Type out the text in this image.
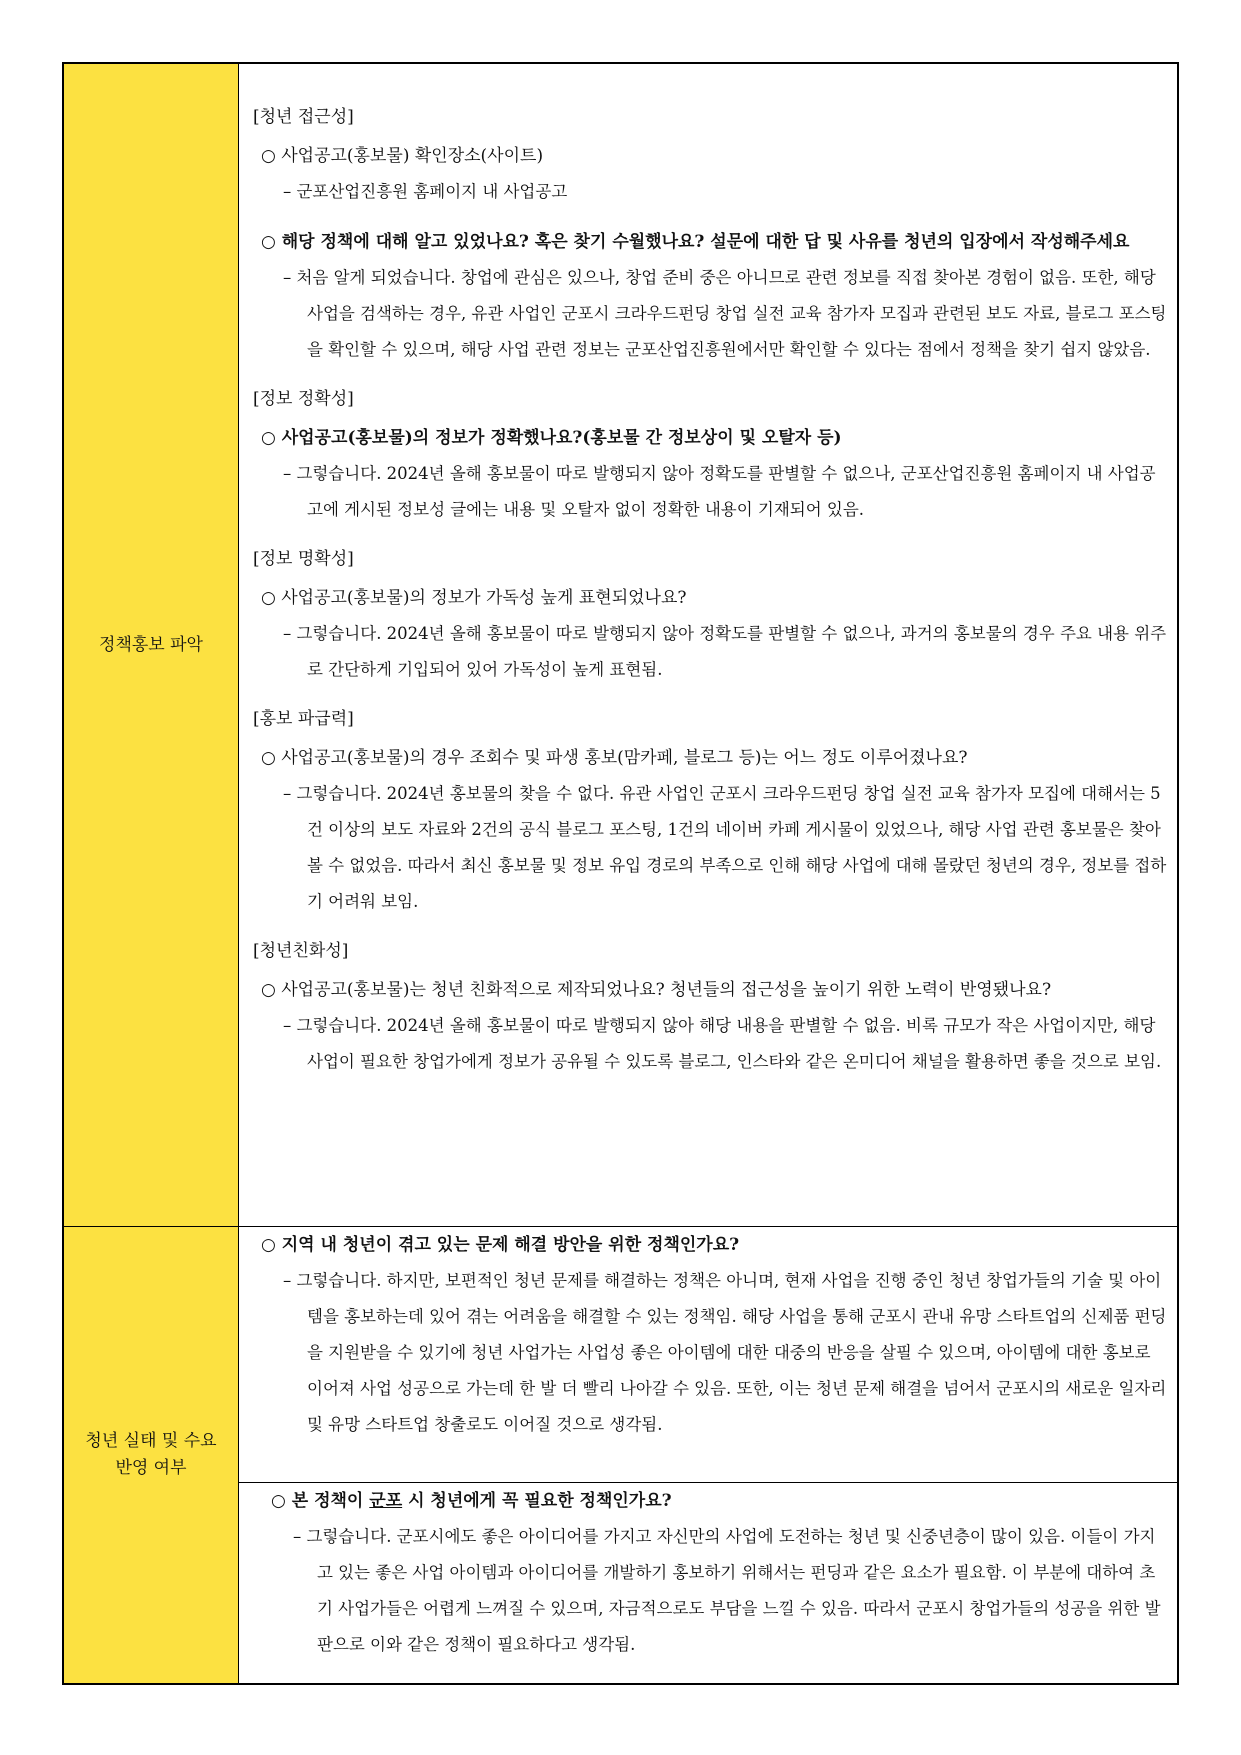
정책홍보 파악
[청년 접근성]

○ 사업공고(홍보물) 확인장소(사이트)

– 군포산업진흥원 홈페이지 내 사업공고

○ 해당 정책에 대해 알고 있었나요? 혹은 찾기 수월했나요? 설문에 대한 답 및 사유를 청년의 입장에서 작성해주세요

– 처음 알게 되었습니다. 창업에 관심은 있으나, 창업 준비 중은 아니므로 관련 정보를 직접 찾아본 경험이 없음. 또한, 해당 사업을 검색하는 경우, 유관 사업인 군포시 크라우드펀딩 창업 실전 교육 참가자 모집과 관련된 보도 자료, 블로그 포스팅을 확인할 수 있으며, 해당 사업 관련 정보는 군포산업진흥원에서만 확인할 수 있다는 점에서 정책을 찾기 쉽지 않았음.

[정보 정확성]

○ 사업공고(홍보물)의 정보가 정확했나요?(홍보물 간 정보상이 및 오탈자 등)

– 그렇습니다. 2024년 올해 홍보물이 따로 발행되지 않아 정확도를 판별할 수 없으나, 군포산업진흥원 홈페이지 내 사업공고에 게시된 정보성 글에는 내용 및 오탈자 없이 정확한 내용이 기재되어 있음.

[정보 명확성]

○ 사업공고(홍보물)의 정보가 가독성 높게 표현되었나요?

– 그렇습니다. 2024년 올해 홍보물이 따로 발행되지 않아 정확도를 판별할 수 없으나, 과거의 홍보물의 경우 주요 내용 위주로 간단하게 기입되어 있어 가독성이 높게 표현됨.

[홍보 파급력]

○ 사업공고(홍보물)의 경우 조회수 및 파생 홍보(맘카페, 블로그 등)는 어느 정도 이루어졌나요?

– 그렇습니다. 2024년 홍보물의 찾을 수 없다. 유관 사업인 군포시 크라우드펀딩 창업 실전 교육 참가자 모집에 대해서는 5건 이상의 보도 자료와 2건의 공식 블로그 포스팅, 1건의 네이버 카페 게시물이 있었으나, 해당 사업 관련 홍보물은 찾아볼 수 없었음. 따라서 최신 홍보물 및 정보 유입 경로의 부족으로 인해 해당 사업에 대해 몰랐던 청년의 경우, 정보를 접하기 어려워 보임.

[청년친화성]

○ 사업공고(홍보물)는 청년 친화적으로 제작되었나요? 청년들의 접근성을 높이기 위한 노력이 반영됐나요?

– 그렇습니다. 2024년 올해 홍보물이 따로 발행되지 않아 해당 내용을 판별할 수 없음. 비록 규모가 작은 사업이지만, 해당 사업이 필요한 창업가에게 정보가 공유될 수 있도록 블로그, 인스타와 같은 온미디어 채널을 활용하면 좋을 것으로 보임.

청년 실태 및 수요
반영 여부

○ 지역 내 청년이 겪고 있는 문제 해결 방안을 위한 정책인가요?

– 그렇습니다. 하지만, 보편적인 청년 문제를 해결하는 정책은 아니며, 현재 사업을 진행 중인 청년 창업가들의 기술 및 아이템을 홍보하는데 있어 겪는 어려움을 해결할 수 있는 정책임. 해당 사업을 통해 군포시 관내 유망 스타트업의 신제품 펀딩을 지원받을 수 있기에 청년 사업가는 사업성 좋은 아이템에 대한 대중의 반응을 살필 수 있으며, 아이템에 대한 홍보로 이어져 사업 성공으로 가는데 한 발 더 빨리 나아갈 수 있음. 또한, 이는 청년 문제 해결을 넘어서 군포시의 새로운 일자리 및 유망 스타트업 창출로도 이어질 것으로 생각됨.

○ 본 정책이 군포 시 청년에게 꼭 필요한 정책인가요?

– 그렇습니다. 군포시에도 좋은 아이디어를 가지고 자신만의 사업에 도전하는 청년 및 신중년층이 많이 있음. 이들이 가지고 있는 좋은 사업 아이템과 아이디어를 개발하기 홍보하기 위해서는 펀딩과 같은 요소가 필요함. 이 부분에 대하여 초기 사업가들은 어렵게 느껴질 수 있으며, 자금적으로도 부담을 느낄 수 있음. 따라서 군포시 창업가들의 성공을 위한 발판으로 이와 같은 정책이 필요하다고 생각됨.
